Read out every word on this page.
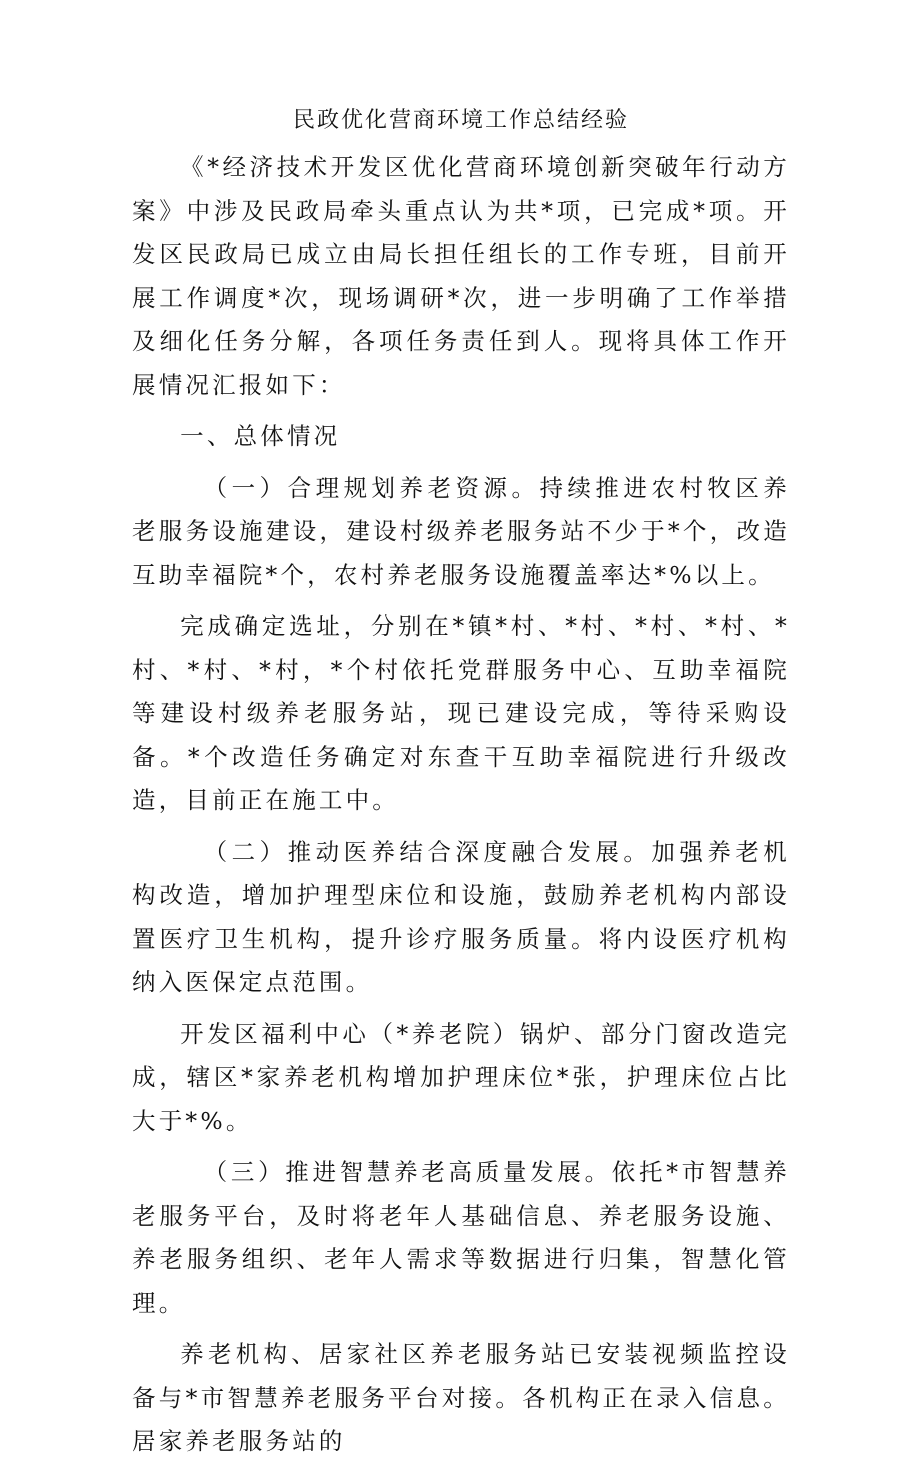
民政优化营商环境工作总结经验

《*经济技术开发区优化营商环境创新突破年行动方案》中涉及民政局牵头重点认为共*项，已完成*项。开发区民政局已成立由局长担任组长的工作专班，目前开展工作调度*次，现场调研*次，进一步明确了工作举措及细化任务分解，各项任务责任到人。现将具体工作开展情况汇报如下：

一、总体情况

（一）合理规划养老资源。持续推进农村牧区养老服务设施建设，建设村级养老服务站不少于*个，改造互助幸福院*个，农村养老服务设施覆盖率达*%以上。

完成确定选址，分别在*镇*村、*村、*村、*村、*村、*村、*村，*个村依托党群服务中心、互助幸福院等建设村级养老服务站，现已建设完成，等待采购设备。*个改造任务确定对东查干互助幸福院进行升级改造，目前正在施工中。

（二）推动医养结合深度融合发展。加强养老机构改造，增加护理型床位和设施，鼓励养老机构内部设置医疗卫生机构，提升诊疗服务质量。将内设医疗机构纳入医保定点范围。

开发区福利中心（*养老院）锅炉、部分门窗改造完成，辖区*家养老机构增加护理床位*张，护理床位占比大于*%。

（三）推进智慧养老高质量发展。依托*市智慧养老服务平台，及时将老年人基础信息、养老服务设施、养老服务组织、老年人需求等数据进行归集，智慧化管理。

养老机构、居家社区养老服务站已安装视频监控设备与*市智慧养老服务平台对接。各机构正在录入信息。居家养老服务站的
